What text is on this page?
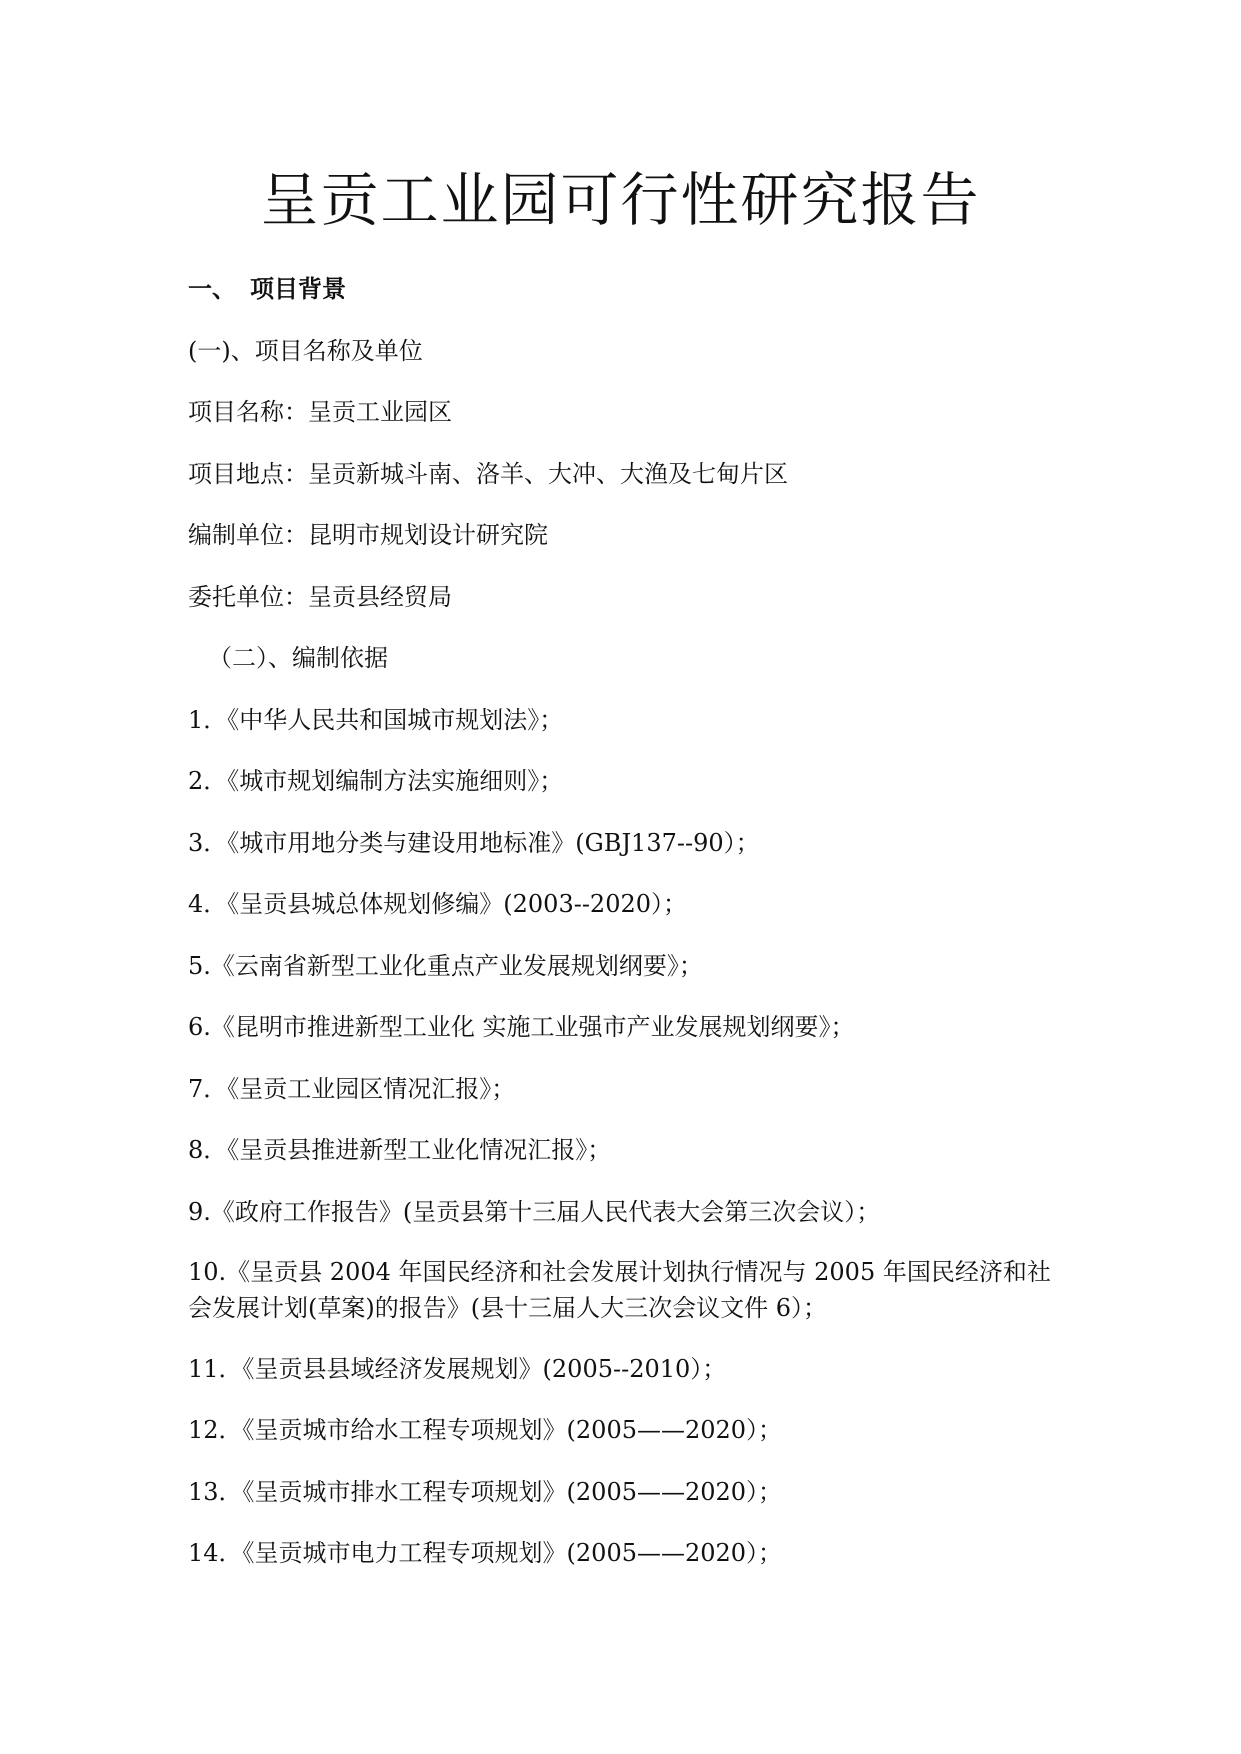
呈贡工业园可行性研究报告
一、 项目背景
(一)、项目名称及单位
项目名称：呈贡工业园区
项目地点：呈贡新城斗南、洛羊、大冲、大渔及七甸片区
编制单位：昆明市规划设计研究院
委托单位：呈贡县经贸局
（二）、编制依据
1．《中华人民共和国城市规划法》；
2．《城市规划编制方法实施细则》；
3．《城市用地分类与建设用地标准》(GBJ137--90）；
4．《呈贡县城总体规划修编》(2003--2020）；
5.《云南省新型工业化重点产业发展规划纲要》；
6.《昆明市推进新型工业化 实施工业强市产业发展规划纲要》；
7．《呈贡工业园区情况汇报》；
8．《呈贡县推进新型工业化情况汇报》；
9.《政府工作报告》(呈贡县第十三届人民代表大会第三次会议）；
10.《呈贡县 2004 年国民经济和社会发展计划执行情况与 2005 年国民经济和社会发展计划(草案)的报告》(县十三届人大三次会议文件 6）；
11．《呈贡县县域经济发展规划》(2005--2010）；
12．《呈贡城市给水工程专项规划》(2005——2020）；
13．《呈贡城市排水工程专项规划》(2005——2020）；
14．《呈贡城市电力工程专项规划》(2005——2020）；
